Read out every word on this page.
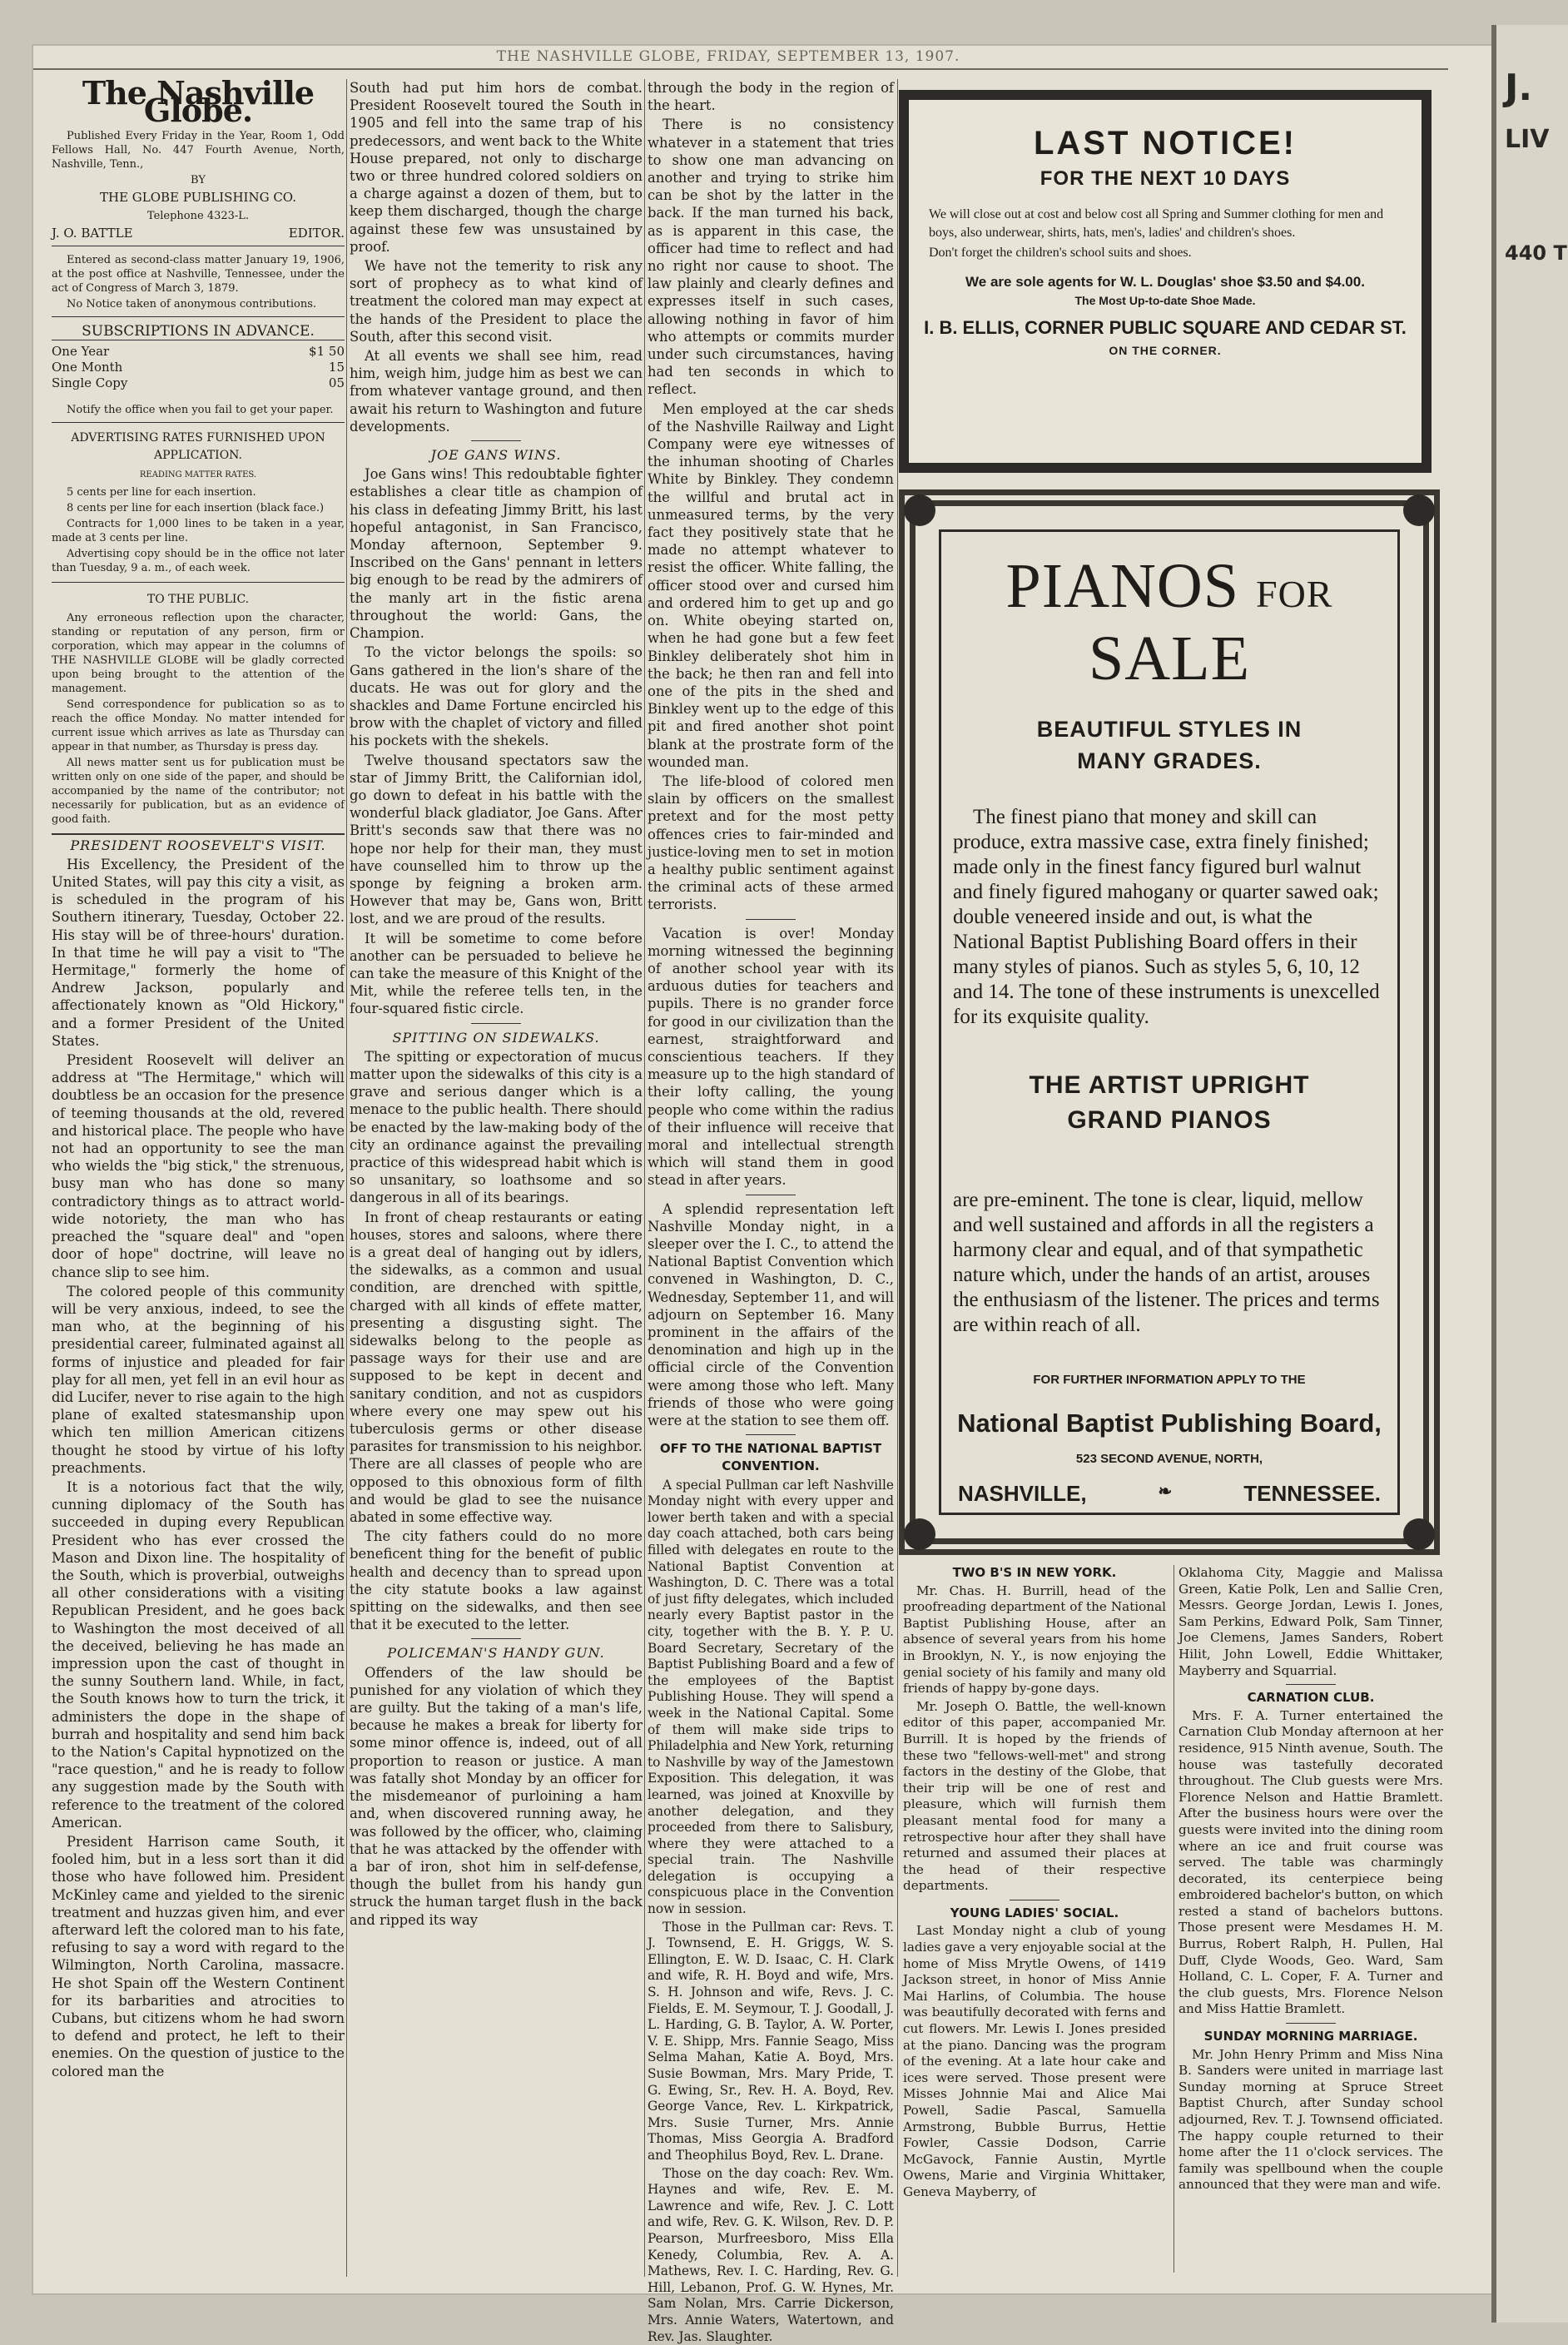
J.
LIV
440 T
THE NASHVILLE GLOBE, FRIDAY, SEPTEMBER 13, 1907.
The Nashville Globe.

Published Every Friday in the Year, Room 1, Odd Fellows Hall, No. 447 Fourth Avenue, North, Nashville, Tenn.,

BY

THE GLOBE PUBLISHING CO.

Telephone 4323-L.

J. O. BATTLE	EDITOR.

Entered as second-class matter January 19, 1906, at the post office at Nashville, Tennessee, under the act of Congress of March 3, 1879.

No Notice taken of anonymous contributions.

SUBSCRIPTIONS IN ADVANCE.
One Year	$1 50
One Month	15
Single Copy	05

Notify the office when you fail to get your paper.

ADVERTISING RATES FURNISHED UPON APPLICATION.

READING MATTER RATES.

5 cents per line for each insertion.

8 cents per line for each insertion (black face.)

Contracts for 1,000 lines to be taken in a year, made at 3 cents per line.

Advertising copy should be in the office not later than Tuesday, 9 a. m., of each week.

TO THE PUBLIC.

Any erroneous reflection upon the character, standing or reputation of any person, firm or corporation, which may appear in the columns of THE NASHVILLE GLOBE will be gladly corrected upon being brought to the attention of the management.

Send correspondence for publication so as to reach the office Monday. No matter intended for current issue which arrives as late as Thursday can appear in that number, as Thursday is press day.

All news matter sent us for publication must be written only on one side of the paper, and should be accompanied by the name of the contributor; not necessarily for publication, but as an evidence of good faith.

PRESIDENT ROOSEVELT'S VISIT.

His Excellency, the President of the United States, will pay this city a visit, as is scheduled in the program of his Southern itinerary, Tuesday, October 22. His stay will be of three-hours' duration. In that time he will pay a visit to "The Hermitage," formerly the home of Andrew Jackson, popularly and affectionately known as "Old Hickory," and a former President of the United States.

President Roosevelt will deliver an address at "The Hermitage," which will doubtless be an occasion for the presence of teeming thousands at the old, revered and historical place. The people who have not had an opportunity to see the man who wields the "big stick," the strenuous, busy man who has done so many contradictory things as to attract world-wide notoriety, the man who has preached the "square deal" and "open door of hope" doctrine, will leave no chance slip to see him.

The colored people of this community will be very anxious, indeed, to see the man who, at the beginning of his presidential career, fulminated against all forms of injustice and pleaded for fair play for all men, yet fell in an evil hour as did Lucifer, never to rise again to the high plane of exalted statesmanship upon which ten million American citizens thought he stood by virtue of his lofty preachments.

It is a notorious fact that the wily, cunning diplomacy of the South has succeeded in duping every Republican President who has ever crossed the Mason and Dixon line. The hospitality of the South, which is proverbial, outweighs all other considerations with a visiting Republican President, and he goes back to Washington the most deceived of all the deceived, believing he has made an impression upon the cast of thought in the sunny Southern land. While, in fact, the South knows how to turn the trick, it administers the dope in the shape of burrah and hospitality and send him back to the Nation's Capital hypnotized on the "race question," and he is ready to follow any suggestion made by the South with reference to the treatment of the colored American.

President Harrison came South, it fooled him, but in a less sort than it did those who have followed him. President McKinley came and yielded to the sirenic treatment and huzzas given him, and ever afterward left the colored man to his fate, refusing to say a word with regard to the Wilmington, North Carolina, massacre. He shot Spain off the Western Continent for its barbarities and atrocities to Cubans, but citizens whom he had sworn to defend and protect, he left to their enemies. On the question of justice to the colored man the

South had put him hors de combat. President Roosevelt toured the South in 1905 and fell into the same trap of his predecessors, and went back to the White House prepared, not only to discharge two or three hundred colored soldiers on a charge against a dozen of them, but to keep them discharged, though the charge against these few was unsustained by proof.

We have not the temerity to risk any sort of prophecy as to what kind of treatment the colored man may expect at the hands of the President to place the South, after this second visit.

At all events we shall see him, read him, weigh him, judge him as best we can from whatever vantage ground, and then await his return to Washington and future developments.

JOE GANS WINS.

Joe Gans wins! This redoubtable fighter establishes a clear title as champion of his class in defeating Jimmy Britt, his last hopeful antagonist, in San Francisco, Monday afternoon, September 9. Inscribed on the Gans' pennant in letters big enough to be read by the admirers of the manly art in the fistic arena throughout the world: Gans, the Champion.

To the victor belongs the spoils: so Gans gathered in the lion's share of the ducats. He was out for glory and the shackles and Dame Fortune encircled his brow with the chaplet of victory and filled his pockets with the shekels.

Twelve thousand spectators saw the star of Jimmy Britt, the Californian idol, go down to defeat in his battle with the wonderful black gladiator, Joe Gans. After Britt's seconds saw that there was no hope nor help for their man, they must have counselled him to throw up the sponge by feigning a broken arm. However that may be, Gans won, Britt lost, and we are proud of the results.

It will be sometime to come before another can be persuaded to believe he can take the measure of this Knight of the Mit, while the referee tells ten, in the four-squared fistic circle.

SPITTING ON SIDEWALKS.

The spitting or expectoration of mucus matter upon the sidewalks of this city is a grave and serious danger which is a menace to the public health. There should be enacted by the law-making body of the city an ordinance against the prevailing practice of this widespread habit which is so unsanitary, so loathsome and so dangerous in all of its bearings.

In front of cheap restaurants or eating houses, stores and saloons, where there is a great deal of hanging out by idlers, the sidewalks, as a common and usual condition, are drenched with spittle, charged with all kinds of effete matter, presenting a disgusting sight. The sidewalks belong to the people as passage ways for their use and are supposed to be kept in decent and sanitary condition, and not as cuspidors where every one may spew out his tuberculosis germs or other disease parasites for transmission to his neighbor. There are all classes of people who are opposed to this obnoxious form of filth and would be glad to see the nuisance abated in some effective way.

The city fathers could do no more beneficent thing for the benefit of public health and decency than to spread upon the city statute books a law against spitting on the sidewalks, and then see that it be executed to the letter.

POLICEMAN'S HANDY GUN.

Offenders of the law should be punished for any violation of which they are guilty. But the taking of a man's life, because he makes a break for liberty for some minor offence is, indeed, out of all proportion to reason or justice. A man was fatally shot Monday by an officer for the misdemeanor of purloining a ham and, when discovered running away, he was followed by the officer, who, claiming that he was attacked by the offender with a bar of iron, shot him in self-defense, though the bullet from his handy gun struck the human target flush in the back and ripped its way

through the body in the region of the heart.

There is no consistency whatever in a statement that tries to show one man advancing on another and trying to strike him can be shot by the latter in the back. If the man turned his back, as is apparent in this case, the officer had time to reflect and had no right nor cause to shoot. The law plainly and clearly defines and expresses itself in such cases, allowing nothing in favor of him who attempts or commits murder under such circumstances, having had ten seconds in which to reflect.

Men employed at the car sheds of the Nashville Railway and Light Company were eye witnesses of the inhuman shooting of Charles White by Binkley. They condemn the willful and brutal act in unmeasured terms, by the very fact they positively state that he made no attempt whatever to resist the officer. White falling, the officer stood over and cursed him and ordered him to get up and go on. White obeying started on, when he had gone but a few feet Binkley deliberately shot him in the back; he then ran and fell into one of the pits in the shed and Binkley went up to the edge of this pit and fired another shot point blank at the prostrate form of the wounded man.

The life-blood of colored men slain by officers on the smallest pretext and for the most petty offences cries to fair-minded and justice-loving men to set in motion a healthy public sentiment against the criminal acts of these armed terrorists.

Vacation is over! Monday morning witnessed the beginning of another school year with its arduous duties for teachers and pupils. There is no grander force for good in our civilization than the earnest, straightforward and conscientious teachers. If they measure up to the high standard of their lofty calling, the young people who come within the radius of their influence will receive that moral and intellectual strength which will stand them in good stead in after years.

A splendid representation left Nashville Monday night, in a sleeper over the I. C., to attend the National Baptist Convention which convened in Washington, D. C., Wednesday, September 11, and will adjourn on September 16. Many prominent in the affairs of the denomination and high up in the official circle of the Convention were among those who left. Many friends of those who were going were at the station to see them off.

OFF TO THE NATIONAL BAPTIST CONVENTION.

A special Pullman car left Nashville Monday night with every upper and lower berth taken and with a special day coach attached, both cars being filled with delegates en route to the National Baptist Convention at Washington, D. C. There was a total of just fifty delegates, which included nearly every Baptist pastor in the city, together with the B. Y. P. U. Board Secretary, Secretary of the Baptist Publishing Board and a few of the employees of the Baptist Publishing House. They will spend a week in the National Capital. Some of them will make side trips to Philadelphia and New York, returning to Nashville by way of the Jamestown Exposition. This delegation, it was learned, was joined at Knoxville by another delegation, and they proceeded from there to Salisbury, where they were attached to a special train. The Nashville delegation is occupying a conspicuous place in the Convention now in session.

Those in the Pullman car: Revs. T. J. Townsend, E. H. Griggs, W. S. Ellington, E. W. D. Isaac, C. H. Clark and wife, R. H. Boyd and wife, Mrs. S. H. Johnson and wife, Revs. J. C. Fields, E. M. Seymour, T. J. Goodall, J. L. Harding, G. B. Taylor, A. W. Porter, V. E. Shipp, Mrs. Fannie Seago, Miss Selma Mahan, Katie A. Boyd, Mrs. Susie Bowman, Mrs. Mary Pride, T. G. Ewing, Sr., Rev. H. A. Boyd, Rev. George Vance, Rev. L. Kirkpatrick, Mrs. Susie Turner, Mrs. Annie Thomas, Miss Georgia A. Bradford and Theophilus Boyd, Rev. L. Drane.

Those on the day coach: Rev. Wm. Haynes and wife, Rev. E. M. Lawrence and wife, Rev. J. C. Lott and wife, Rev. G. K. Wilson, Rev. D. P. Pearson, Murfreesboro, Miss Ella Kenedy, Columbia, Rev. A. A. Mathews, Rev. I. C. Harding, Rev. G. Hill, Lebanon, Prof. G. W. Hynes, Mr. Sam Nolan, Mrs. Carrie Dickerson, Mrs. Annie Waters, Watertown, and Rev. Jas. Slaughter.

LAST NOTICE!
FOR THE NEXT 10 DAYS
We will close out at cost and below cost all Spring and Summer clothing for men and boys, also underwear, shirts, hats, men's, ladies' and children's shoes.
Don't forget the children's school suits and shoes.
We are sole agents for W. L. Douglas' shoe $3.50 and $4.00.
The Most Up-to-date Shoe Made.
I. B. ELLIS, CORNER PUBLIC SQUARE AND CEDAR ST.
ON THE CORNER.
PIANOS FOR SALE
BEAUTIFUL STYLES IN
MANY GRADES.
The finest piano that money and skill can produce, extra massive case, extra finely finished; made only in the finest fancy figured burl walnut and finely figured mahogany or quarter sawed oak; double veneered inside and out, is what the National Baptist Publishing Board offers in their many styles of pianos. Such as styles 5, 6, 10, 12 and 14. The tone of these instruments is unexcelled for its exquisite quality.
THE ARTIST UPRIGHT
GRAND PIANOS
are pre-eminent. The tone is clear, liquid, mellow and well sustained and affords in all the registers a harmony clear and equal, and of that sympathetic nature which, under the hands of an artist, arouses the enthusiasm of the listener. The prices and terms are within reach of all.
FOR FURTHER INFORMATION APPLY TO THE
National Baptist Publishing Board,
523 SECOND AVENUE, NORTH,
NASHVILLE,	❧	TENNESSEE.

TWO B'S IN NEW YORK.

Mr. Chas. H. Burrill, head of the proofreading department of the National Baptist Publishing House, after an absence of several years from his home in Brooklyn, N. Y., is now enjoying the genial society of his family and many old friends of happy by-gone days.

Mr. Joseph O. Battle, the well-known editor of this paper, accompanied Mr. Burrill. It is hoped by the friends of these two "fellows-well-met" and strong factors in the destiny of the Globe, that their trip will be one of rest and pleasure, which will furnish them pleasant mental food for many a retrospective hour after they shall have returned and assumed their places at the head of their respective departments.

YOUNG LADIES' SOCIAL.

Last Monday night a club of young ladies gave a very enjoyable social at the home of Miss Mrytle Owens, of 1419 Jackson street, in honor of Miss Annie Mai Harlins, of Columbia. The house was beautifully decorated with ferns and cut flowers. Mr. Lewis I. Jones presided at the piano. Dancing was the program of the evening. At a late hour cake and ices were served. Those present were Misses Johnnie Mai and Alice Mai Powell, Sadie Pascal, Samuella Armstrong, Bubble Burrus, Hettie Fowler, Cassie Dodson, Carrie McGavock, Fannie Austin, Myrtle Owens, Marie and Virginia Whittaker, Geneva Mayberry, of

Oklahoma City, Maggie and Malissa Green, Katie Polk, Len and Sallie Cren, Messrs. George Jordan, Lewis I. Jones, Sam Perkins, Edward Polk, Sam Tinner, Joe Clemens, James Sanders, Robert Hilit, John Lowell, Eddie Whittaker, Mayberry and Squarrial.

CARNATION CLUB.

Mrs. F. A. Turner entertained the Carnation Club Monday afternoon at her residence, 915 Ninth avenue, South. The house was tastefully decorated throughout. The Club guests were Mrs. Florence Nelson and Hattie Bramlett. After the business hours were over the guests were invited into the dining room where an ice and fruit course was served. The table was charmingly decorated, its centerpiece being embroidered bachelor's button, on which rested a stand of bachelors buttons. Those present were Mesdames H. M. Burrus, Robert Ralph, H. Pullen, Hal Duff, Clyde Woods, Geo. Ward, Sam Holland, C. L. Coper, F. A. Turner and the club guests, Mrs. Florence Nelson and Miss Hattie Bramlett.

SUNDAY MORNING MARRIAGE.

Mr. John Henry Primm and Miss Nina B. Sanders were united in marriage last Sunday morning at Spruce Street Baptist Church, after Sunday school adjourned, Rev. T. J. Townsend officiated. The happy couple returned to their home after the 11 o'clock services. The family was spellbound when the couple announced that they were man and wife.
